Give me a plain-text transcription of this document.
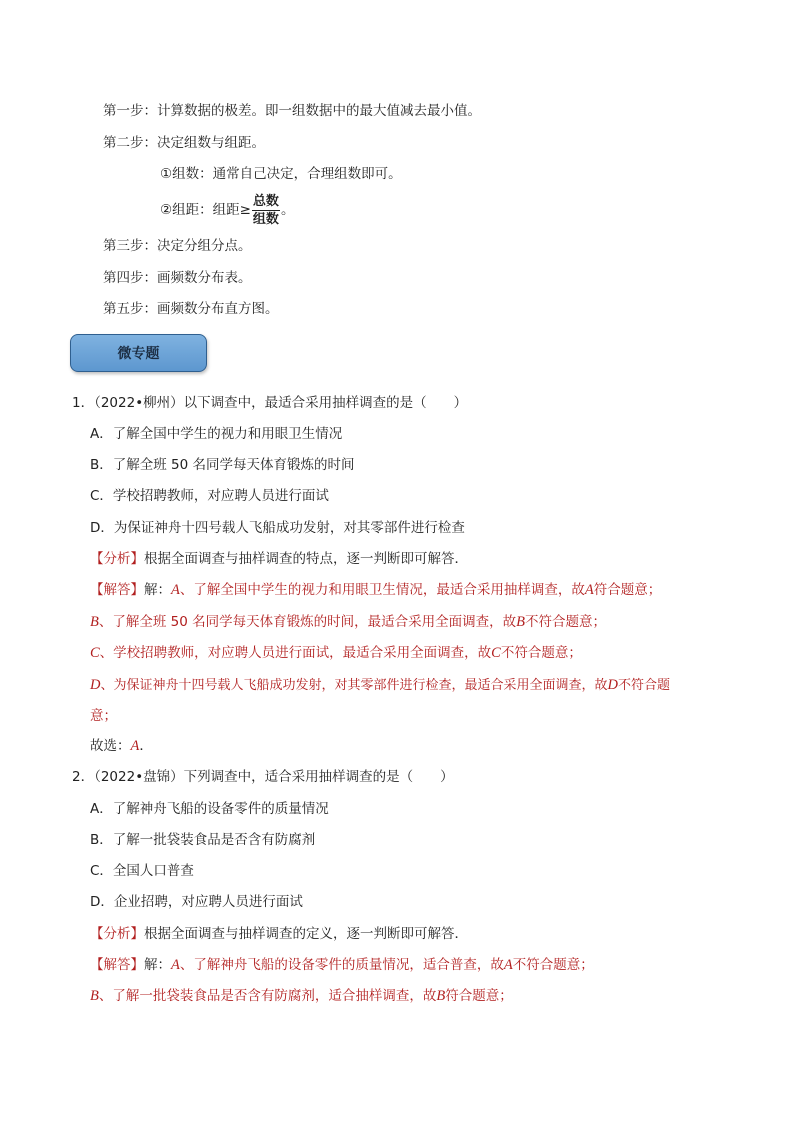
第一步：计算数据的极差。即一组数据中的最大值减去最小值。
第二步：决定组数与组距。
①组数：通常自己决定，合理组数即可。
②组距：组距≥ $\frac{\text{总数}}{\text{组数}}$ 。
第三步：决定分组分点。
第四步：画频数分布表。
第五步：画频数分布直方图。
微专题
1．（2022•柳州）以下调查中，最适合采用抽样调查的是（　　）
A．了解全国中学生的视力和用眼卫生情况
B．了解全班 50 名同学每天体育锻炼的时间
C．学校招聘教师，对应聘人员进行面试
D．为保证神舟十四号载人飞船成功发射，对其零部件进行检查
【分析】根据全面调查与抽样调查的特点，逐一判断即可解答．
【解答】解：A、了解全国中学生的视力和用眼卫生情况，最适合采用抽样调查，故A符合题意；
B、了解全班 50 名同学每天体育锻炼的时间，最适合采用全面调查，故B不符合题意；
C、学校招聘教师，对应聘人员进行面试，最适合采用全面调查，故C不符合题意；
D、为保证神舟十四号载人飞船成功发射，对其零部件进行检查，最适合采用全面调查，故D不符合题
意；
故选：A．
2．（2022•盘锦）下列调查中，适合采用抽样调查的是（　　）
A．了解神舟飞船的设备零件的质量情况
B．了解一批袋装食品是否含有防腐剂
C．全国人口普查
D．企业招聘，对应聘人员进行面试
【分析】根据全面调查与抽样调查的定义，逐一判断即可解答．
【解答】解：A、了解神舟飞船的设备零件的质量情况，适合普查，故A不符合题意；
B、了解一批袋装食品是否含有防腐剂，适合抽样调查，故B符合题意；
